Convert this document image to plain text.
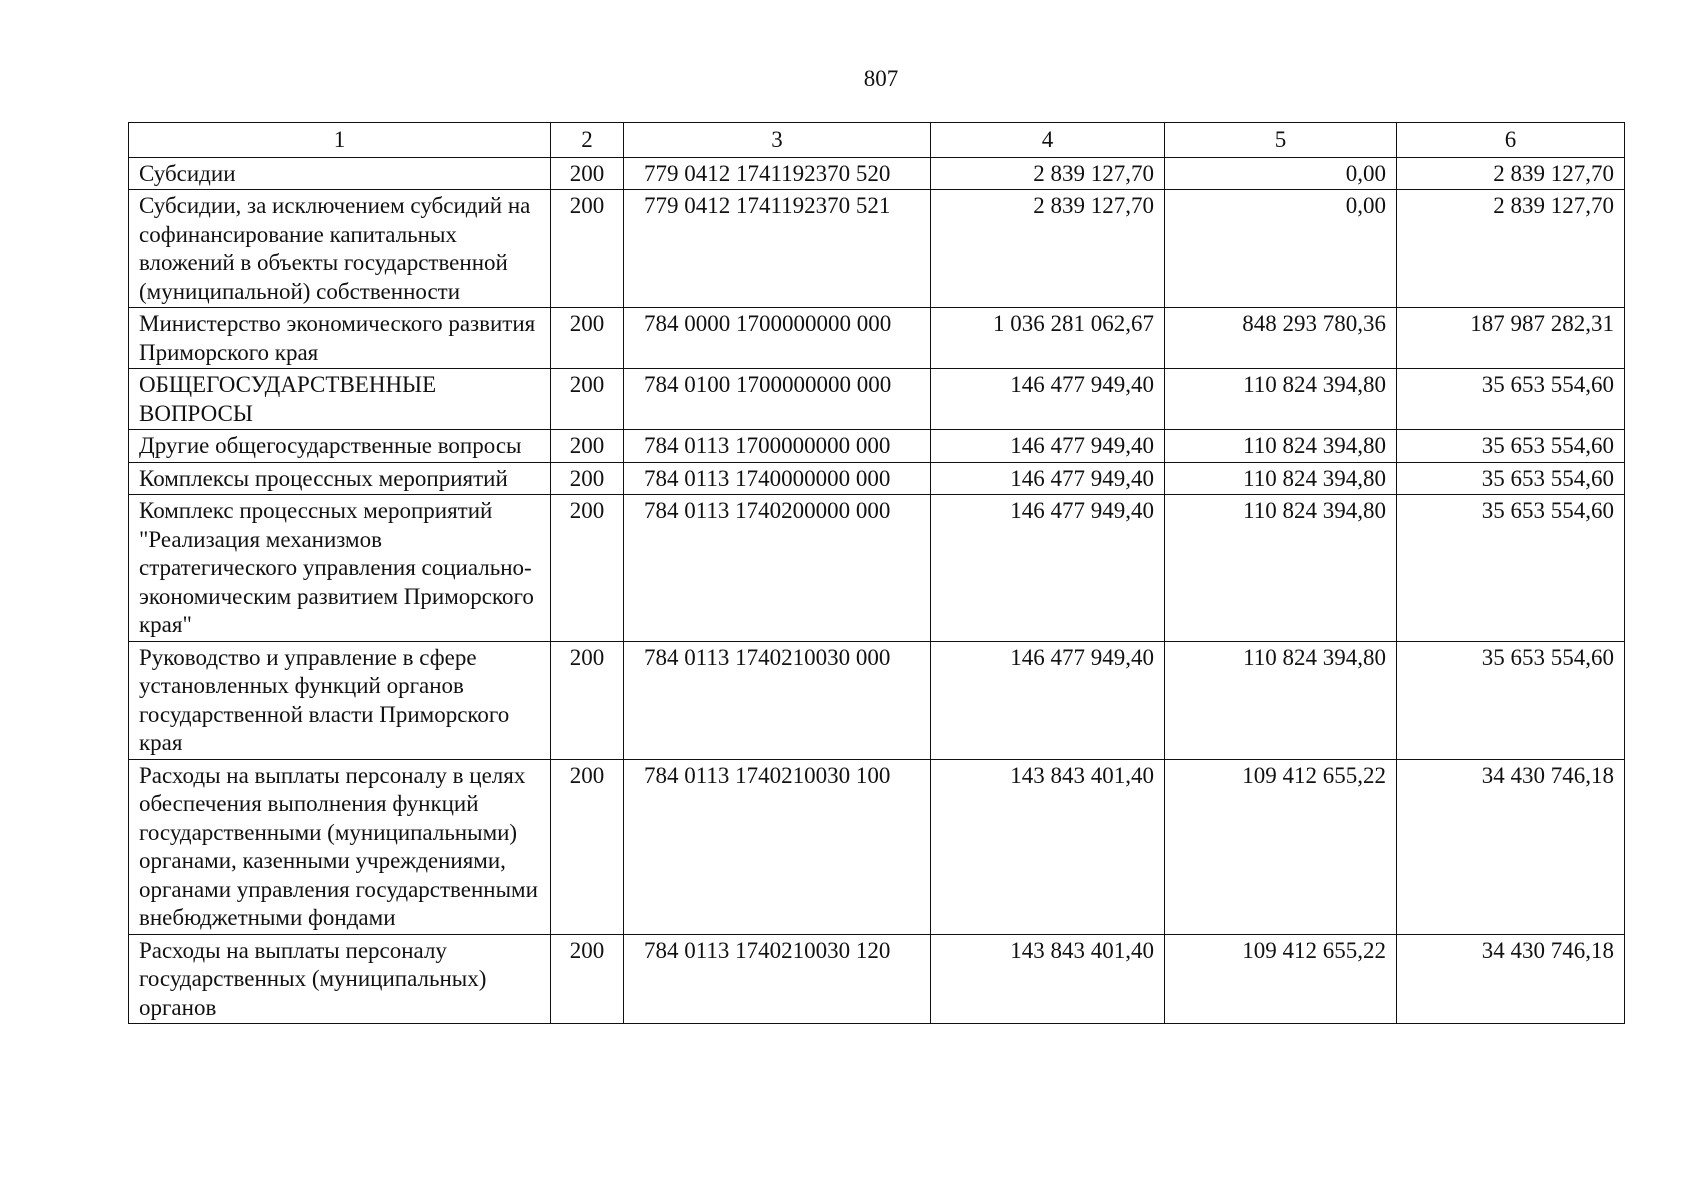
807
1	2	3	4	5	6
Субсидии	200	779 0412 1741192370 520	2 839 127,70	0,00	2 839 127,70
Субсидии, за исключением субсидий на софинансирование капитальных вложений в объекты государственной (муниципальной) собственности	200	779 0412 1741192370 521	2 839 127,70	0,00	2 839 127,70
Министерство экономического развития Приморского края	200	784 0000 1700000000 000	1 036 281 062,67	848 293 780,36	187 987 282,31
ОБЩЕГОСУДАРСТВЕННЫЕ ВОПРОСЫ	200	784 0100 1700000000 000	146 477 949,40	110 824 394,80	35 653 554,60
Другие общегосударственные вопросы	200	784 0113 1700000000 000	146 477 949,40	110 824 394,80	35 653 554,60
Комплексы процессных мероприятий	200	784 0113 1740000000 000	146 477 949,40	110 824 394,80	35 653 554,60
Комплекс процессных мероприятий "Реализация механизмов стратегического управления социально-экономическим развитием Приморского края"	200	784 0113 1740200000 000	146 477 949,40	110 824 394,80	35 653 554,60
Руководство и управление в сфере установленных функций органов государственной власти Приморского края	200	784 0113 1740210030 000	146 477 949,40	110 824 394,80	35 653 554,60
Расходы на выплаты персоналу в целях обеспечения выполнения функций государственными (муниципальными) органами, казенными учреждениями, органами управления государственными внебюджетными фондами	200	784 0113 1740210030 100	143 843 401,40	109 412 655,22	34 430 746,18
Расходы на выплаты персоналу государственных (муниципальных) органов	200	784 0113 1740210030 120	143 843 401,40	109 412 655,22	34 430 746,18
